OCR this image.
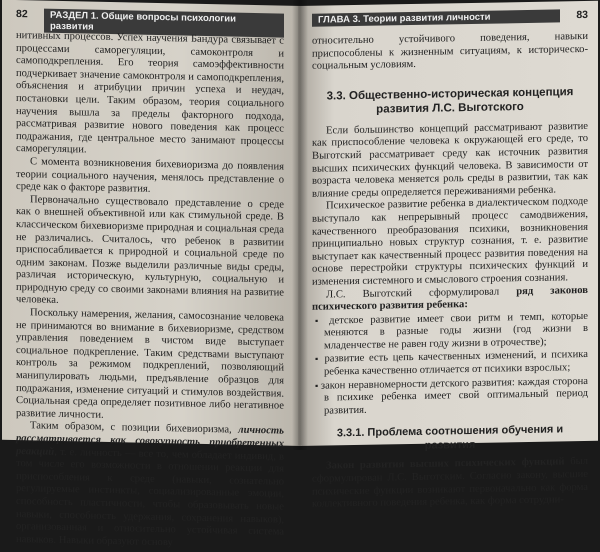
82	РАЗДЕЛ 1. Общие вопросы психологии развития

нитивных процессов. Успех научения Бандура связывает с процессами саморегуляции, самоконтроля и самоподкрепления. Его теория самоэффективности подчеркивает значение самоконтроля и самоподкрепления, объяснения и атрибуции причин успеха и неудач, постановки цели. Таким образом, теория социального научения вышла за пределы факторного подхода, рассматривая развитие нового поведения как процесс подражания, где центральное место занимают процессы саморегуляции.

С момента возникновения бихевиоризма до появления теории социального научения, менялось представление о среде как о факторе развития.

Первоначально существовало представление о среде как о внешней объективной или как стимульной среде. В классическом бихевиоризме природная и социальная среда не различались. Считалось, что ребенок в развитии приспосабливается к природной и социальной среде по одним законам. Позже выделили различные виды среды, различая историческую, культурную, социальную и природную среду со своими законами влияния на развитие человека.

Поскольку намерения, желания, самосознание человека не принимаются во внимание в бихевиоризме, средством управления поведением в чистом виде выступает социальное подкрепление. Таким средствами выступают контроль за режимом подкреплений, позволяющий манипулировать людьми, предъявление образцов для подражания, изменение ситуаций и стимулов воздействия. Социальная среда определяет позитивное либо негативное развитие личности.

Таким образом, с позиции бихевиоризма, личность рассматривается как совокупность приобретенных реакций, т. е. личность — все то, чем обладает индивид, в том числе его возможности в отношении реакции для приспособления к среде (навыки, сознательно регулируемые инстинкты, социализированные эмоции, способность пластичности, чтобы образовывать новые навыки, способность удержания, сохранения навыков), организованная и относительно устойчивая система навыков. Навыки образуют основу

ГЛАВА 3. Теории развития личности	83

относительно устойчивого поведения, навыки приспособлены к жизненным ситуациям, к историческо-социальным условиям.

3.3. Общественно-историческая концепция развития Л.С. Выготского

Если большинство концепций рассматривают развитие как приспособление человека к окружающей его среде, то Выготский рассматривает среду как источник развития высших психических функций человека. В зависимости от возраста человека меняется роль среды в развитии, так как влияние среды определяется переживаниями ребенка.

Психическое развитие ребенка в диалектическом подходе выступало как непрерывный процесс самодвижения, качественного преобразования психики, возникновения принципиально новых структур сознания, т. е. развитие выступает как качественный процесс развития поведения на основе перестройки структуры психических функций и изменения системного и смыслового строения сознания.

Л.С. Выготский сформулировал ряд законов психического развития ребенка:

▪ детское развитие имеет свои ритм и темп, которые меняются в разные годы жизни (год жизни в младенчестве не равен году жизни в отрочестве);

▪ развитие есть цепь качественных изменений, и психика ребенка качественно отличается от психики взрослых;

▪ закон неравномерности детского развития: каждая сторона в психике ребенка имеет свой оптимальный период развития.

3.3.1. Проблема соотношения обучения и развития

Закон развития высших психических функций был сформулирован Л.С. Выготским. Согласно закону, высшие психические функции возникают первоначально как форма коллективного поведения ребенка, как форма сотрудни-
